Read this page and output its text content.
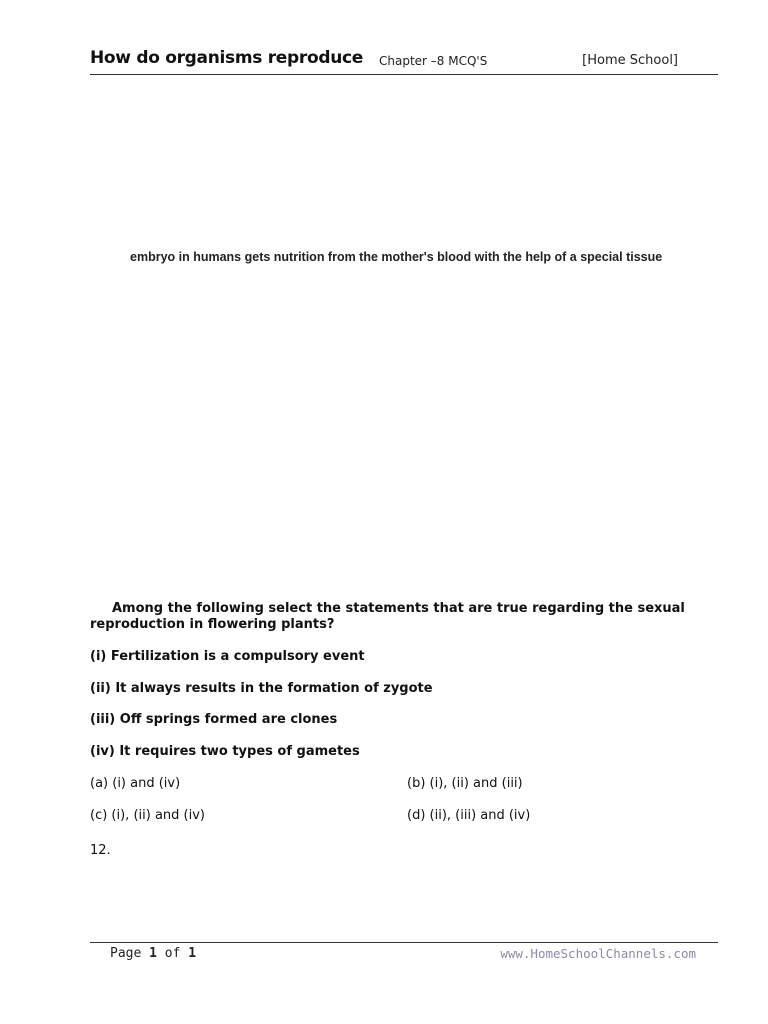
How do organisms reproduce Chapter –8 MCQ'S	[Home School]
embryo in humans gets nutrition from the mother's blood with the help of a special tissue
Among the following select the statements that are true regarding the sexual
reproduction in flowering plants?
(i) Fertilization is a compulsory event
(ii) It always results in the formation of zygote
(iii) Off springs formed are clones
(iv) It requires two types of gametes
(a) (i) and (iv)	(b) (i), (ii) and (iii)
(c) (i), (ii) and (iv)	(d) (ii), (iii) and (iv)
12.
Page 1 of 1	www.HomeSchoolChannels.com
